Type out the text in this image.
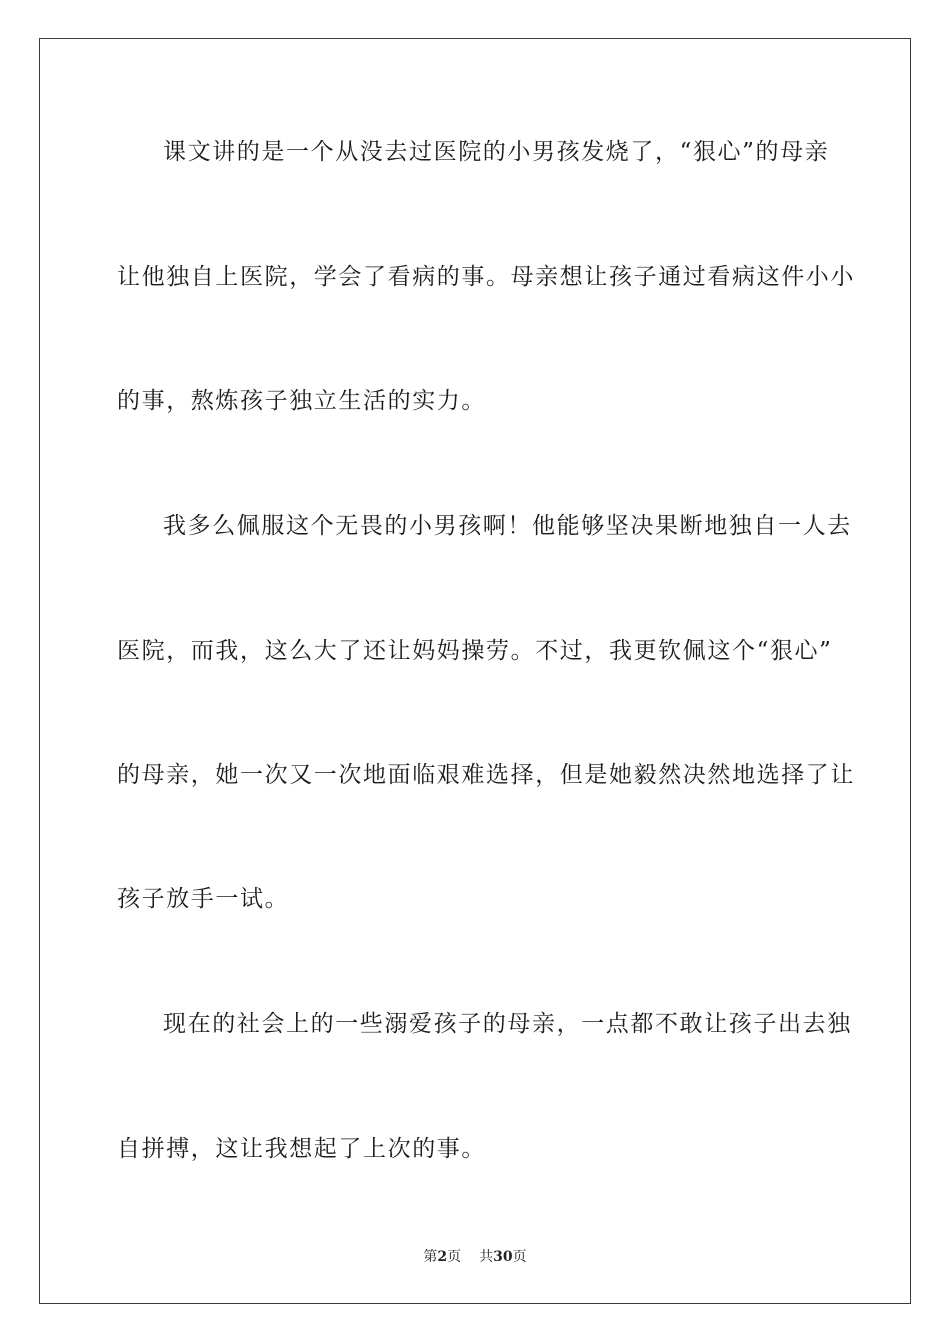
课文讲的是一个从没去过医院的小男孩发烧了，“狠心”的母亲
让他独自上医院，学会了看病的事。母亲想让孩子通过看病这件小小
的事，熬炼孩子独立生活的实力。
我多么佩服这个无畏的小男孩啊！他能够坚决果断地独自一人去
医院，而我，这么大了还让妈妈操劳。不过，我更钦佩这个“狠心”
的母亲，她一次又一次地面临艰难选择，但是她毅然决然地选择了让
孩子放手一试。
现在的社会上的一些溺爱孩子的母亲，一点都不敢让孩子出去独
自拼搏，这让我想起了上次的事。
第2页 共30页
